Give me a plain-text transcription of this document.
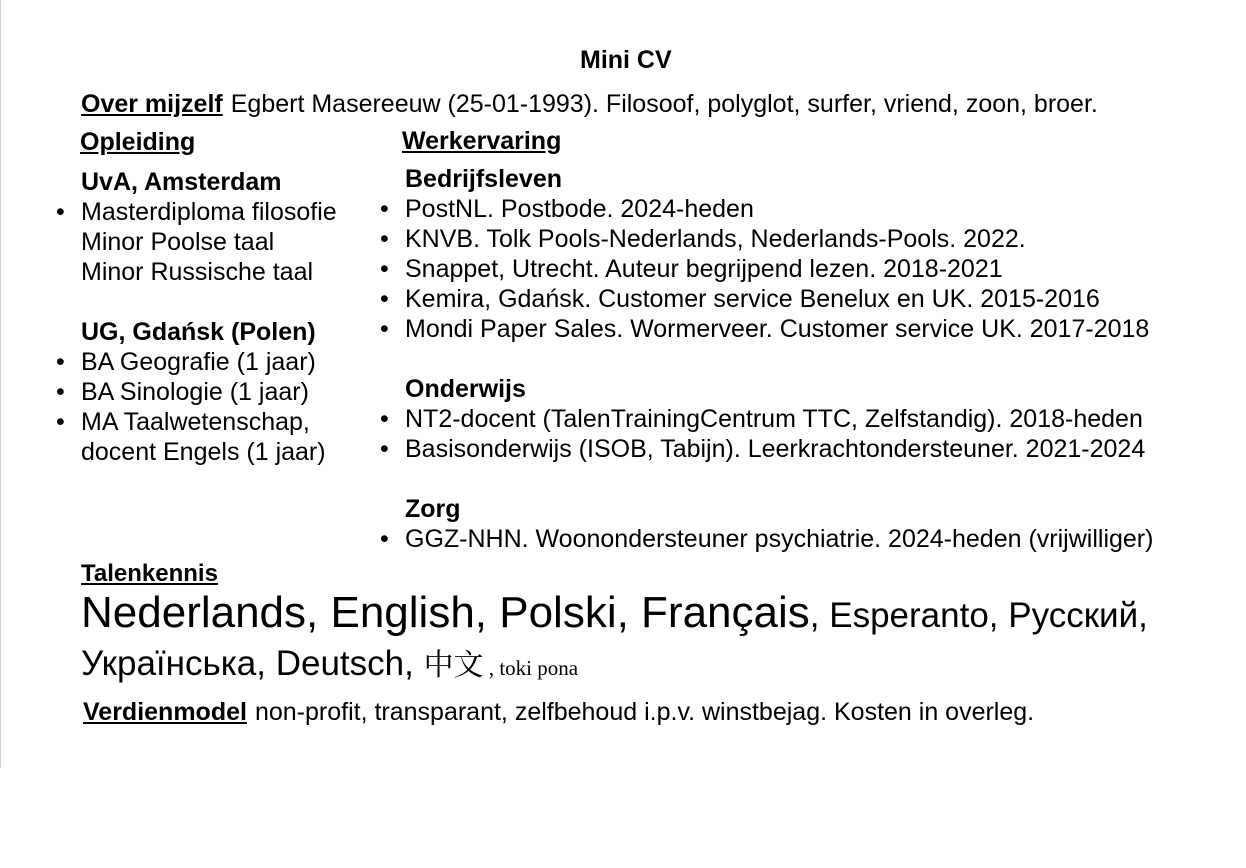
Mini CV
Over mijzelf Egbert Masereeuw (25-01-1993). Filosoof, polyglot, surfer, vriend, zoon, broer.
Opleiding	Werkervaring
UvA, Amsterdam
• Masterdiploma filosofie
Minor Poolse taal
Minor Russische taal
UG, Gdańsk (Polen)
• BA Geografie (1 jaar)
• BA Sinologie (1 jaar)
• MA Taalwetenschap,
docent Engels (1 jaar)
Bedrijfsleven
• PostNL. Postbode. 2024-heden
• KNVB. Tolk Pools-Nederlands, Nederlands-Pools. 2022.
• Snappet, Utrecht. Auteur begrijpend lezen. 2018-2021
• Kemira, Gdańsk. Customer service Benelux en UK. 2015-2016
• Mondi Paper Sales. Wormerveer. Customer service UK. 2017-2018
Onderwijs
• NT2-docent (TalenTrainingCentrum TTC, Zelfstandig). 2018-heden
• Basisonderwijs (ISOB, Tabijn). Leerkrachtondersteuner. 2021-2024
Zorg
• GGZ-NHN. Woonondersteuner psychiatrie. 2024-heden (vrijwilliger)
Talenkennis
Nederlands, English, Polski, Français, Esperanto, Русский,
Українська, Deutsch, 中文 , toki pona
Verdienmodel non-profit, transparant, zelfbehoud i.p.v. winstbejag. Kosten in overleg.
